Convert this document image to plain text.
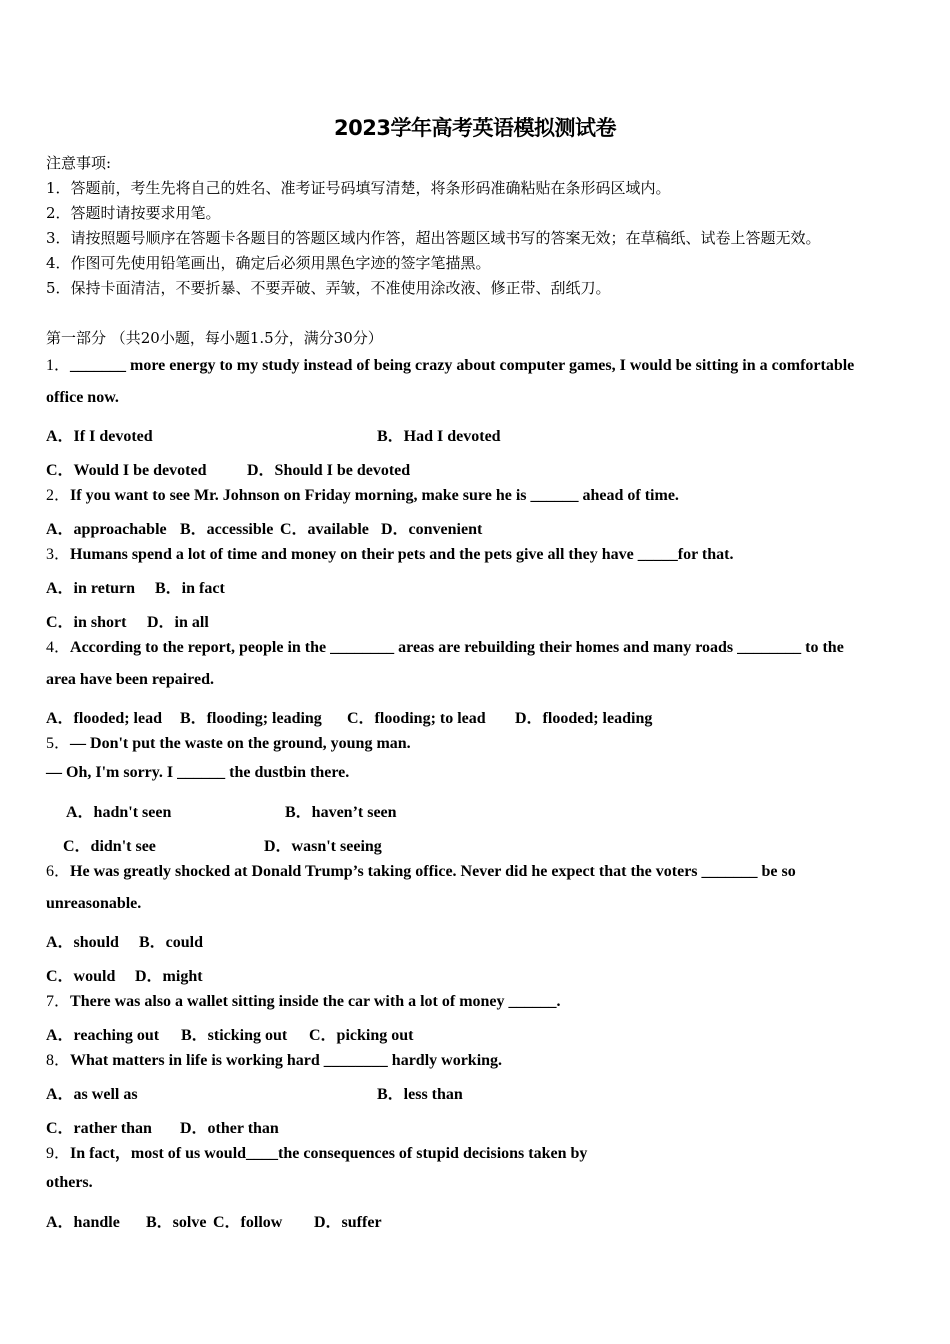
2023学年高考英语模拟测试卷
注意事项:
1．答题前，考生先将自己的姓名、准考证号码填写清楚，将条形码准确粘贴在条形码区域内。
2．答题时请按要求用笔。
3．请按照题号顺序在答题卡各题目的答题区域内作答，超出答题区域书写的答案无效；在草稿纸、试卷上答题无效。
4．作图可先使用铅笔画出，确定后必须用黑色字迹的签字笔描黑。
5．保持卡面清洁，不要折暴、不要弄破、弄皱，不准使用涂改液、修正带、刮纸刀。
第一部分 （共20小题，每小题1.5分，满分30分）
1．_______ more energy to my study instead of being crazy about computer games, I would be sitting in a comfortable
office now.
A．If I devoted	B．Had I devoted
C．Would I be devoted	D．Should I be devoted
2．If you want to see Mr. Johnson on Friday morning, make sure he is ______ ahead of time.
A．approachable B．accessible C．available D．convenient
3．Humans spend a lot of time and money on their pets and the pets give all they have _____for that.
A．in return B．in fact
C．in short D．in all
4．According to the report, people in the ________ areas are rebuilding their homes and many roads ________ to the
area have been repaired.
A．flooded; lead B．flooding; leading C．flooding; to lead D．flooded; leading
5．— Don't put the waste on the ground, young man.
— Oh, I'm sorry. I ______ the dustbin there.
A．hadn't seen	B．haven’t seen
C．didn't see	D．wasn't seeing
6．He was greatly shocked at Donald Trump’s taking office. Never did he expect that the voters _______ be so
unreasonable.
A．should B．could
C．would D．might
7．There was also a wallet sitting inside the car with a lot of money ______.
A．reaching out B．sticking out C．picking out
8．What matters in life is working hard ________ hardly working.
A．as well as	B．less than
C．rather than D．other than
9．In fact，most of us would____the consequences of stupid decisions taken by
others.
A．handle B．solve C．follow D．suffer
